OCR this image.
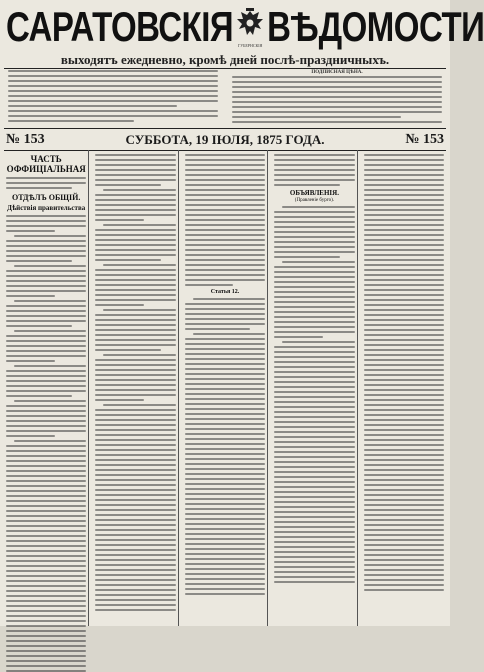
САРАТОВСКІЯ	ГУБЕРНСКІЯ ВѢДОМОСТИ
выходятъ ежедневно, кромѣ дней послѣ-праздничныхъ.
ПОДПИСНАЯ ЦѢНА.
№ 153	СУББОТА, 19 ІЮЛЯ, 1875 ГОДА.	№ 153
ЧАСТЬ ОФФИЦІАЛЬНАЯ
ОТДѢЛЪ ОБЩІЙ.
Дѣйствія правительства
Статья 12.
ОБЪЯВЛЕНІЯ.
(Правленіе бурго).
